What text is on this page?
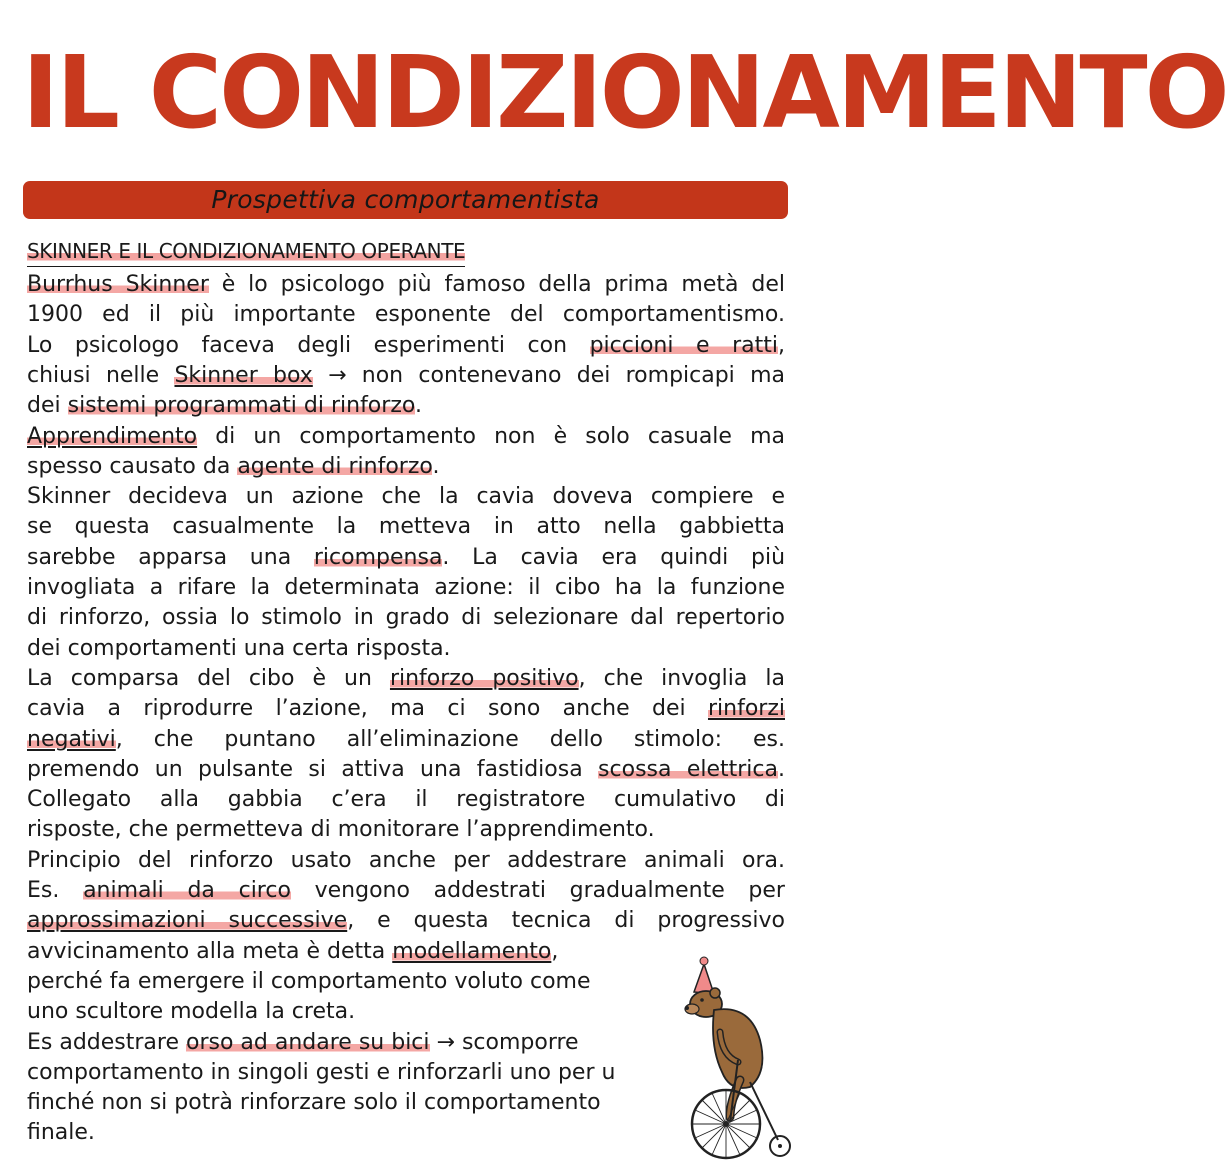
IL CONDIZIONAMENTO
Prospettiva comportamentista
SKINNER E IL CONDIZIONAMENTO OPERANTE
Burrhus Skinner è lo psicologo più famoso della prima metà del
1900 ed il più importante esponente del comportamentismo.
Lo psicologo faceva degli esperimenti con piccioni e ratti,
chiusi nelle Skinner box → non contenevano dei rompicapi ma
dei sistemi programmati di rinforzo.
Apprendimento di un comportamento non è solo casuale ma
spesso causato da agente di rinforzo.
Skinner decideva un azione che la cavia doveva compiere e
se questa casualmente la metteva in atto nella gabbietta
sarebbe apparsa una ricompensa. La cavia era quindi più
invogliata a rifare la determinata azione: il cibo ha la funzione
di rinforzo, ossia lo stimolo in grado di selezionare dal repertorio
dei comportamenti una certa risposta.
La comparsa del cibo è un rinforzo positivo, che invoglia la
cavia a riprodurre l’azione, ma ci sono anche dei rinforzi
negativi, che puntano all’eliminazione dello stimolo: es.
premendo un pulsante si attiva una fastidiosa scossa elettrica.
Collegato alla gabbia c’era il registratore cumulativo di
risposte, che permetteva di monitorare l’apprendimento.
Principio del rinforzo usato anche per addestrare animali ora.
Es. animali da circo vengono addestrati gradualmente per
approssimazioni successive, e questa tecnica di progressivo
avvicinamento alla meta è detta modellamento,
perché fa emergere il comportamento voluto come
uno scultore modella la creta.
Es addestrare orso ad andare su bici → scomporre
comportamento in singoli gesti e rinforzarli uno per u
finché non si potrà rinforzare solo il comportamento
finale.
